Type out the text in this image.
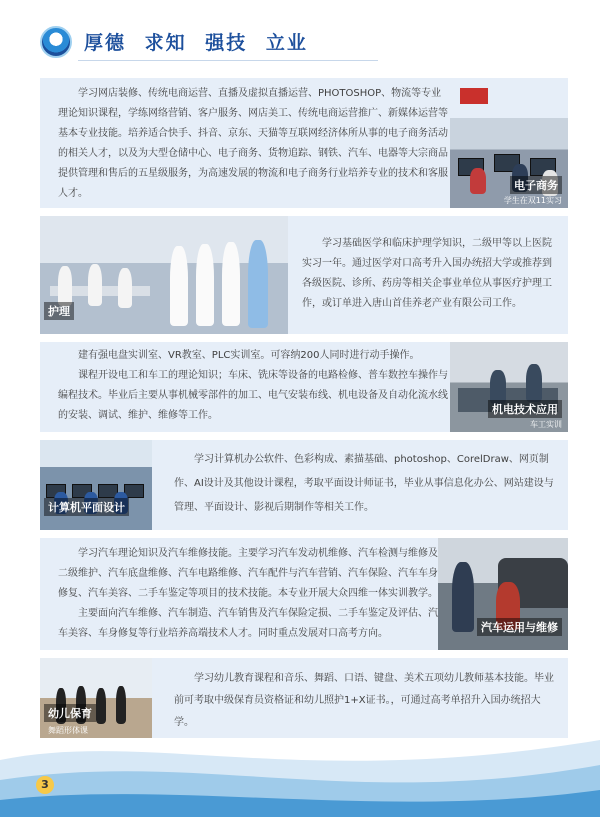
厚德 求知 强技 立业

学习网店装修、传统电商运营、直播及虚拟直播运营、PHOTOSHOP、物流等专业理论知识课程，学练网络营销、客户服务、网店美工、传统电商运营推广、新媒体运营等基本专业技能。培养适合快手、抖音、京东、天猫等互联网经济体所从事的电子商务活动的相关人才，以及为大型仓储中心、电子商务、货物追踪、钢铁、汽车、电器等大宗商品提供管理和售后的五星级服务，为高速发展的物流和电子商务行业培养专业的技术和客服人才。

电子商务
学生在双11实习
护理

学习基础医学和临床护理学知识，二级甲等以上医院实习一年。通过医学对口高考升入国办统招大学或推荐到各级医院、诊所、药房等相关企事业单位从事医疗护理工作，或订单进入唐山首佳养老产业有限公司工作。

建有强电盘实训室、VR教室、PLC实训室。可容纳200人同时进行动手操作。

课程开设电工和车工的理论知识；车床、铣床等设备的电路检修、普车数控车操作与编程技术。毕业后主要从事机械零部件的加工、电气安装布线、机电设备及自动化流水线的安装、调试、维护、维修等工作。	机电技术应用
车工实训
计算机平面设计

学习计算机办公软件、色彩构成、素描基础、photoshop、CorelDraw、网页制作、AI设计及其他设计课程，考取平面设计师证书，毕业从事信息化办公、网站建设与管理、平面设计、影视后期制作等相关工作。

学习汽车理论知识及汽车维修技能。主要学习汽车发动机维修、汽车检测与维修及二级维护、汽车底盘维修、汽车电路维修、汽车配件与汽车营销、汽车保险、汽车车身修复、汽车美容、二手车鉴定等项目的技术技能。本专业开展大众四维一体实训教学。

主要面向汽车维修、汽车制造、汽车销售及汽车保险定损、二手车鉴定及评估、汽车美容、车身修复等行业培养高端技术人才。同时重点发展对口高考方向。	汽车运用与维修
幼儿保育
舞蹈形体课

学习幼儿教育课程和音乐、舞蹈、口语、键盘、美术五项幼儿教师基本技能。毕业前可考取中级保育员资格证和幼儿照护1+X证书。，可通过高考单招升入国办统招大学。

3
